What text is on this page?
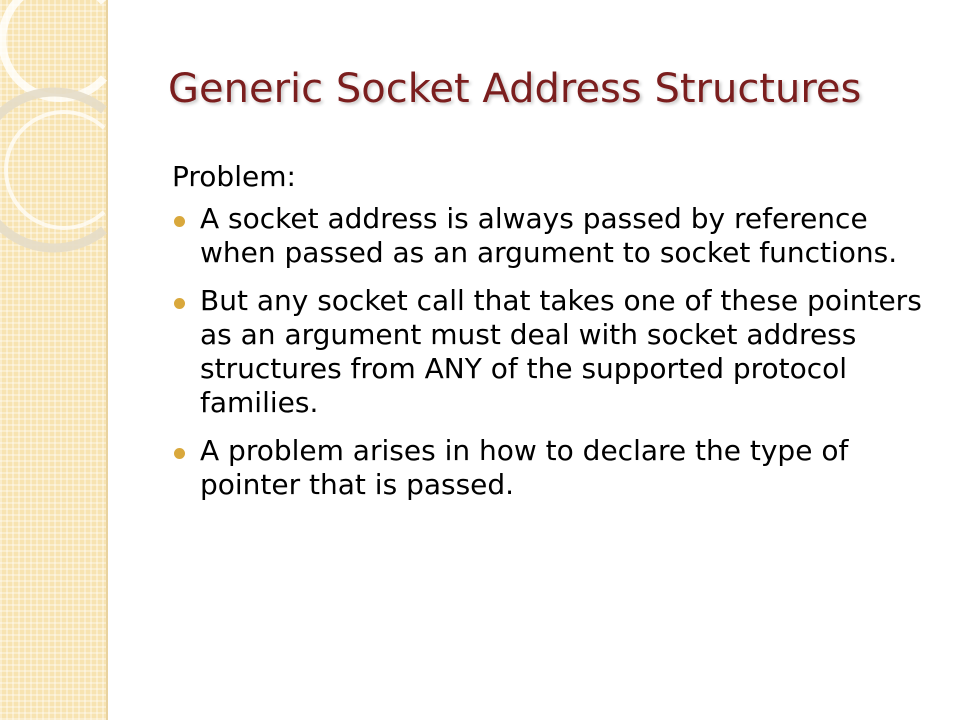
Generic Socket Address Structures

Problem:

A socket address is always passed by reference when passed as an argument to socket functions.
But any socket call that takes one of these pointers as an argument must deal with socket address structures from ANY of the supported protocol families.
A problem arises in how to declare the type of pointer that is passed.
